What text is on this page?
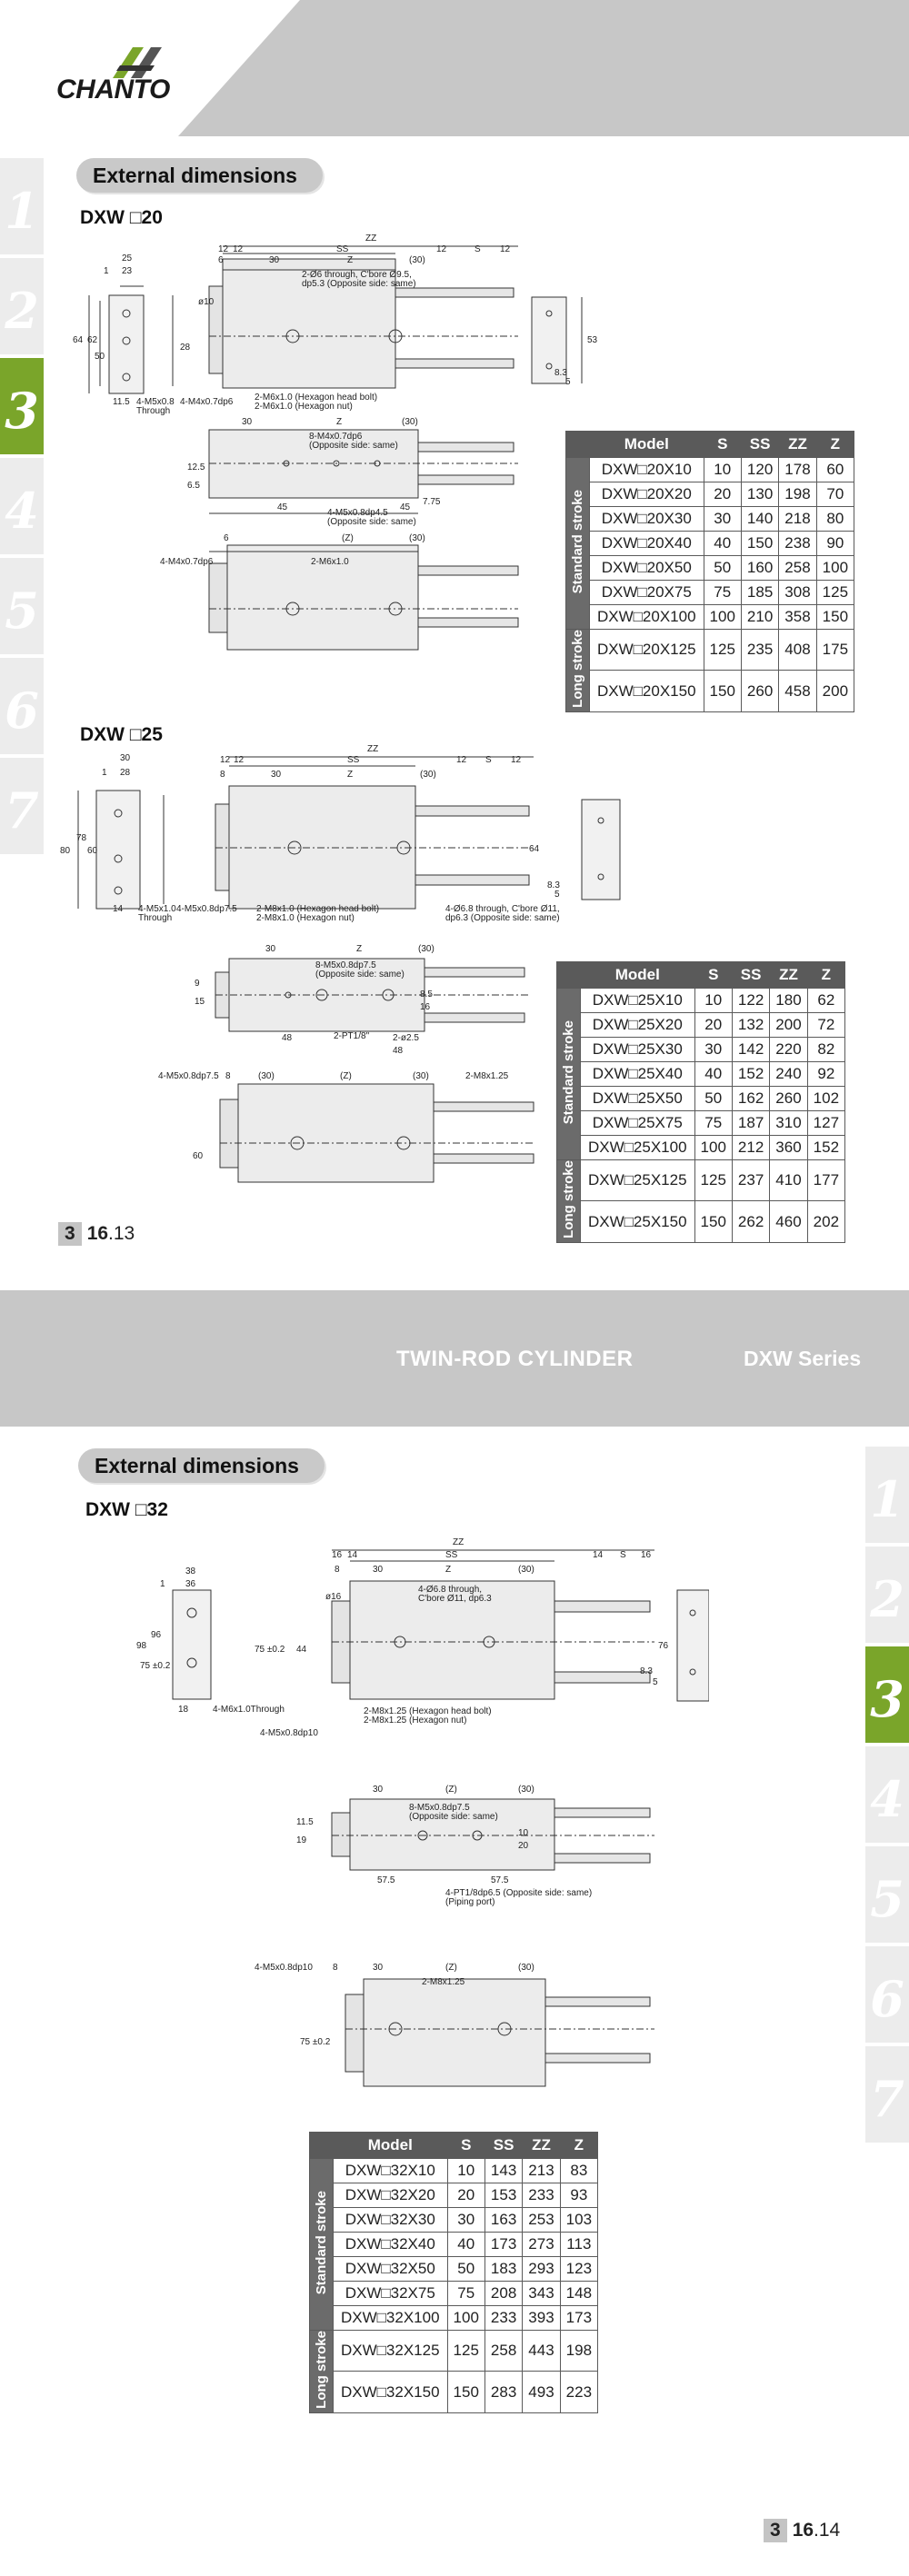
CHANTO
1
2
3
4
5
6
7
External dimensions
DXW □20
ZZ
12 12	SS	12	S 12
6	30	Z	(30)
2-Ø6 through, C'bore Ø9.5,
dp5.3 (Opposite side: same)
25
1 23
64 62
50
11.5 4-M5x0.8
Through
4-M4x0.7dp6
28
ø10
2-M6x1.0 (Hexagon head bolt)
2-M6x1.0 (Hexagon nut)
53
8.3
5
30	Z	(30)
8-M4x0.7dp6
(Opposite side: same)
12.5
6.5
7.75
45	45
4-M5x0.8dp4.5
(Opposite side: same)
6
4-M4x0.7dp6
(Z)	(30)
2-M6x1.0
	Model	S	SS	ZZ	Z
Standard stroke	DXW□20X10	10	120	178	60
	DXW□20X20	20	130	198	70
	DXW□20X30	30	140	218	80
	DXW□20X40	40	150	238	90
	DXW□20X50	50	160	258	100
	DXW□20X75	75	185	308	125
	DXW□20X100	100	210	358	150
Long stroke	DXW□20X125	125	235	408	175
	DXW□20X150	150	260	458	200
DXW □25
ZZ
12 12	SS	12 S 12
8	30	Z	(30)
30
1 28
80
78
60
14 4-M5x1.0
Through
4-M5x0.8dp7.5 2-M8x1.0 (Hexagon head bolt)
2-M8x1.0 (Hexagon nut)
4-Ø6.8 through, C'bore Ø11,
dp6.3 (Opposite side: same)
64
8.3
5
30	Z	(30)
8-M5x0.8dp7.5
(Opposite side: same)
15
9
8.5
16
48	2-PT1/8"	2-ø2.5
48
4-M5x0.8dp7.5 8	(30)	(Z)	(30)	2-M8x1.25
60
	Model	S	SS	ZZ	Z
Standard stroke	DXW□25X10	10	122	180	62
	DXW□25X20	20	132	200	72
	DXW□25X30	30	142	220	82
	DXW□25X40	40	152	240	92
	DXW□25X50	50	162	260	102
	DXW□25X75	75	187	310	127
	DXW□25X100	100	212	360	152
Long stroke	DXW□25X125	125	237	410	177
	DXW□25X150	150	262	460	202
3 16 .13
TWIN-ROD CYLINDER	DXW Series
1
2
3
4
5
6
7
External dimensions
DXW □32
ZZ
16 14	SS	14 S 16
8	30	Z	(30)
38
1 36
98
96
75 ±0.2
18	4-M6x1.0Through
75 ±0.2 44
ø16
4-Ø6.8 through,
C'bore Ø11, dp6.3
2-M8x1.25 (Hexagon head bolt)
2-M8x1.25 (Hexagon nut)
4-M5x0.8dp10
76
8.3
5
30	(Z)	(30)
8-M5x0.8dp7.5
(Opposite side: same)
19
11.5
10
20
57.5	57.5
4-PT1/8dp6.5 (Opposite side: same)
(Piping port)
4-M5x0.8dp10 8	30	(Z)	(30)
2-M8x1.25
75 ±0.2
	Model	S	SS	ZZ	Z
Standard stroke	DXW□32X10	10	143	213	83
	DXW□32X20	20	153	233	93
	DXW□32X30	30	163	253	103
	DXW□32X40	40	173	273	113
	DXW□32X50	50	183	293	123
	DXW□32X75	75	208	343	148
	DXW□32X100	100	233	393	173
Long stroke	DXW□32X125	125	258	443	198
	DXW□32X150	150	283	493	223
3 16 .14
